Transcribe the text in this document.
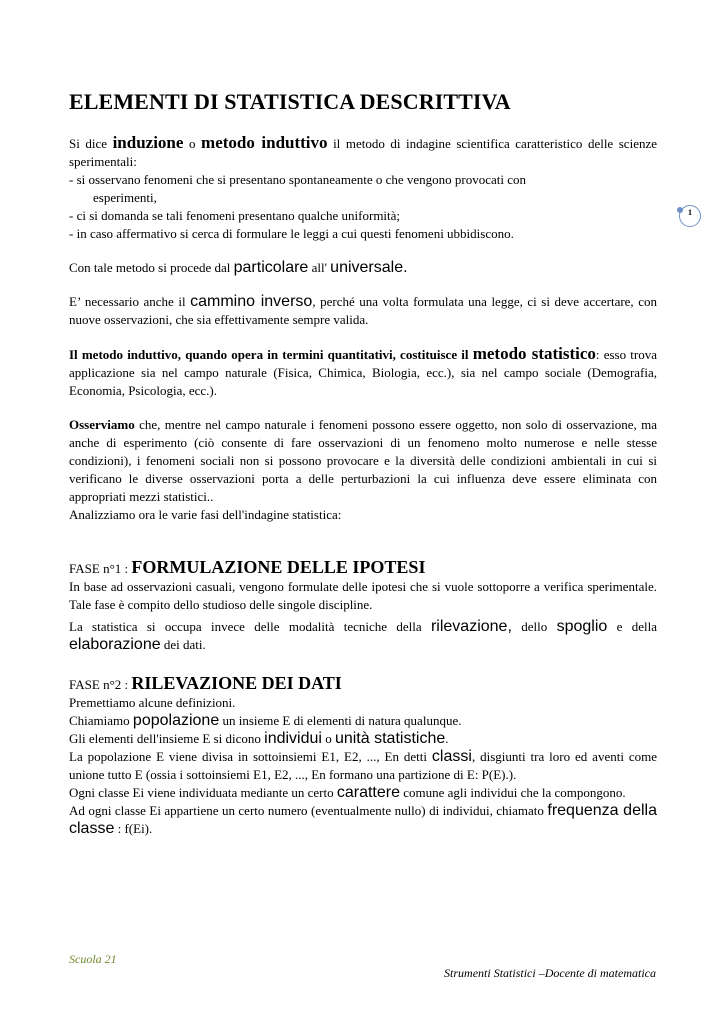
1
ELEMENTI DI STATISTICA DESCRITTIVA

Si dice induzione o metodo induttivo il metodo di indagine scientifica caratteristico delle scienze sperimentali:

- si osservano fenomeni che si presentano spontaneamente o che vengono provocati con

esperimenti,

- ci si domanda se tali fenomeni presentano qualche uniformità;

- in caso affermativo si cerca di formulare le leggi a cui questi fenomeni ubbidiscono.

Con tale metodo si procede dal particolare all' universale.

E’ necessario anche il cammino inverso, perché una volta formulata una legge, ci si deve accertare, con nuove osservazioni, che sia effettivamente sempre valida.

Il metodo induttivo, quando opera in termini quantitativi, costituisce il metodo statistico: esso trova applicazione sia nel campo naturale (Fisica, Chimica, Biologia, ecc.), sia nel campo sociale (Demografia, Economia, Psicologia, ecc.).

Osserviamo che, mentre nel campo naturale i fenomeni possono essere oggetto, non solo di osservazione, ma anche di esperimento (ciò consente di fare osservazioni di un fenomeno molto numerose e nelle stesse condizioni), i fenomeni sociali non si possono provocare e la diversità delle condizioni ambientali in cui si verificano le diverse osservazioni porta a delle perturbazioni la cui influenza deve essere eliminata con appropriati mezzi statistici..

Analizziamo ora le varie fasi dell'indagine statistica:

FASE n°1 : FORMULAZIONE DELLE IPOTESI

In base ad osservazioni casuali, vengono formulate delle ipotesi che si vuole sottoporre a verifica sperimentale. Tale fase è compito dello studioso delle singole discipline.

La statistica si occupa invece delle modalità tecniche della rilevazione, dello spoglio e della elaborazione dei dati.

FASE n°2 : RILEVAZIONE DEI DATI

Premettiamo alcune definizioni.

Chiamiamo popolazione un insieme E di elementi di natura qualunque.

Gli elementi dell'insieme E si dicono individui o unità statistiche.

La popolazione E viene divisa in sottoinsiemi E1, E2, ..., En detti classi, disgiunti tra loro ed aventi come unione tutto E (ossia i sottoinsiemi E1, E2, ..., En formano una partizione di E: P(E).).

Ogni classe Ei viene individuata mediante un certo carattere comune agli individui che la compongono.

Ad ogni classe Ei appartiene un certo numero (eventualmente nullo) di individui, chiamato frequenza della classe : f(Ei).

Scuola 21
Strumenti Statistici –Docente di matematica
